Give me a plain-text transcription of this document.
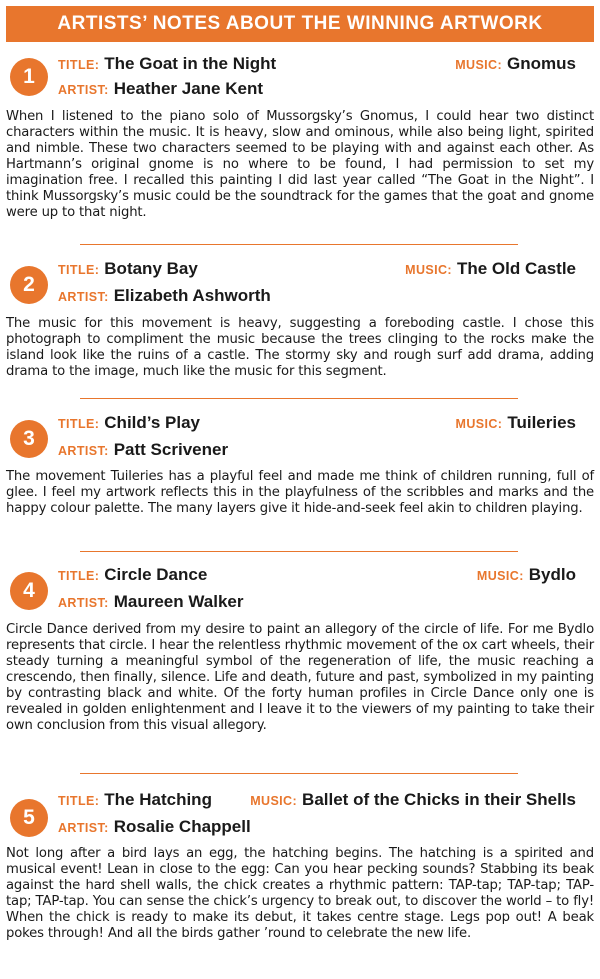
ARTISTS’ NOTES ABOUT THE WINNING ARTWORK
1	TITLE: The Goat in the Night	MUSIC: Gnomus
ARTIST: Heather Jane Kent

When I listened to the piano solo of Mussorgsky’s Gnomus, I could hear two distinct characters within the music. It is heavy, slow and ominous, while also being light, spirited and nimble. These two characters seemed to be playing with and against each other. As Hartmann’s original gnome is no where to be found, I had permission to set my imagination free. I recalled this painting I did last year called “The Goat in the Night”. I think Mussorgsky’s music could be the soundtrack for the games that the goat and gnome were up to that night.

2
TITLE: Botany Bay	MUSIC: The Old Castle
ARTIST: Elizabeth Ashworth

The music for this movement is heavy, suggesting a foreboding castle. I chose this photograph to compliment the music because the trees clinging to the rocks make the island look like the ruins of a castle. The stormy sky and rough surf add drama, adding drama to the image, much like the music for this segment.

3
TITLE: Child’s Play	MUSIC: Tuileries
ARTIST: Patt Scrivener

The movement Tuileries has a playful feel and made me think of children running, full of glee. I feel my artwork reflects this in the playfulness of the scribbles and marks and the happy colour palette. The many layers give it hide-and-seek feel akin to children playing.

4
TITLE: Circle Dance	MUSIC: Bydlo
ARTIST: Maureen Walker

Circle Dance derived from my desire to paint an allegory of the circle of life. For me Bydlo represents that circle. I hear the relentless rhythmic movement of the ox cart wheels, their steady turning a meaningful symbol of the regeneration of life, the music reaching a crescendo, then finally, silence. Life and death, future and past, symbolized in my painting by contrasting black and white. Of the forty human profiles in Circle Dance only one is revealed in golden enlightenment and I leave it to the viewers of my painting to take their own conclusion from this visual allegory.

5
TITLE: The Hatching	MUSIC: Ballet of the Chicks in their Shells
ARTIST: Rosalie Chappell

Not long after a bird lays an egg, the hatching begins. The hatching is a spirited and musical event! Lean in close to the egg: Can you hear pecking sounds? Stabbing its beak against the hard shell walls, the chick creates a rhythmic pattern: TAP-tap; TAP-tap; TAP-tap; TAP-tap. You can sense the chick’s urgency to break out, to discover the world – to fly! When the chick is ready to make its debut, it takes centre stage. Legs pop out! A beak pokes through! And all the birds gather ’round to celebrate the new life.
